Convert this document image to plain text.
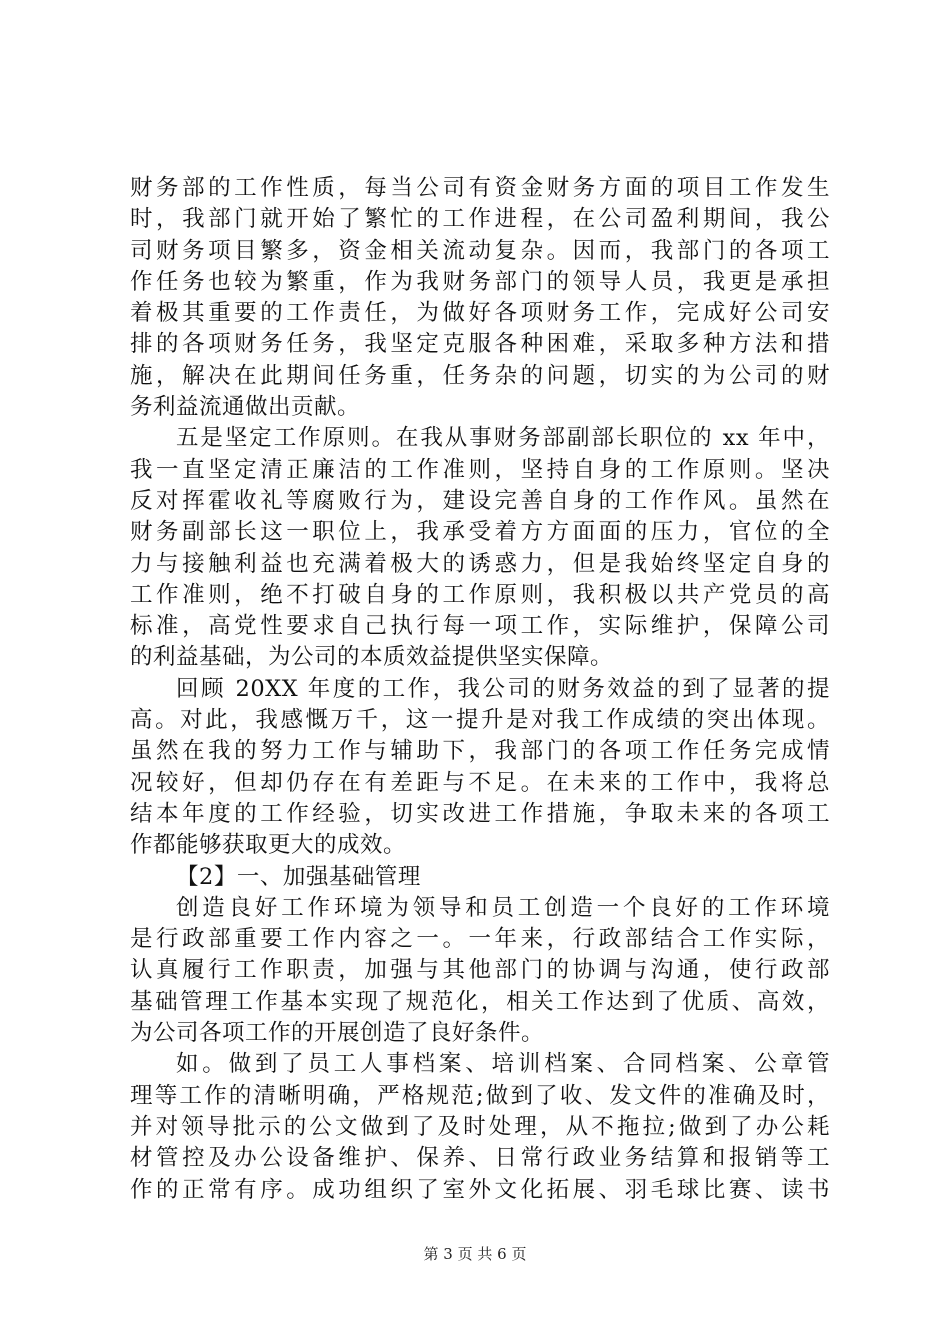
财务部的工作性质，每当公司有资金财务方面的项目工作发生
时，我部门就开始了繁忙的工作进程，在公司盈利期间，我公
司财务项目繁多，资金相关流动复杂。因而，我部门的各项工
作任务也较为繁重，作为我财务部门的领导人员，我更是承担
着极其重要的工作责任，为做好各项财务工作，完成好公司安
排的各项财务任务，我坚定克服各种困难，采取多种方法和措
施，解决在此期间任务重，任务杂的问题，切实的为公司的财
务利益流通做出贡献。
五是坚定工作原则。在我从事财务部副部长职位的 xx 年中，
我一直坚定清正廉洁的工作准则，坚持自身的工作原则。坚决
反对挥霍收礼等腐败行为，建设完善自身的工作作风。虽然在
财务副部长这一职位上，我承受着方方面面的压力，官位的全
力与接触利益也充满着极大的诱惑力，但是我始终坚定自身的
工作准则，绝不打破自身的工作原则，我积极以共产党员的高
标准，高党性要求自己执行每一项工作，实际维护，保障公司
的利益基础，为公司的本质效益提供坚实保障。
回顾 20XX 年度的工作，我公司的财务效益的到了显著的提
高。对此，我感慨万千，这一提升是对我工作成绩的突出体现。
虽然在我的努力工作与辅助下，我部门的各项工作任务完成情
况较好，但却仍存在有差距与不足。在未来的工作中，我将总
结本年度的工作经验，切实改进工作措施，争取未来的各项工
作都能够获取更大的成效。
【2】一、加强基础管理
创造良好工作环境为领导和员工创造一个良好的工作环境
是行政部重要工作内容之一。一年来，行政部结合工作实际，
认真履行工作职责，加强与其他部门的协调与沟通，使行政部
基础管理工作基本实现了规范化，相关工作达到了优质、高效，
为公司各项工作的开展创造了良好条件。
如。做到了员工人事档案、培训档案、合同档案、公章管
理等工作的清晰明确，严格规范;做到了收、发文件的准确及时，
并对领导批示的公文做到了及时处理，从不拖拉;做到了办公耗
材管控及办公设备维护、保养、日常行政业务结算和报销等工
作的正常有序。成功组织了室外文化拓展、羽毛球比赛、读书
第 3 页 共 6 页
